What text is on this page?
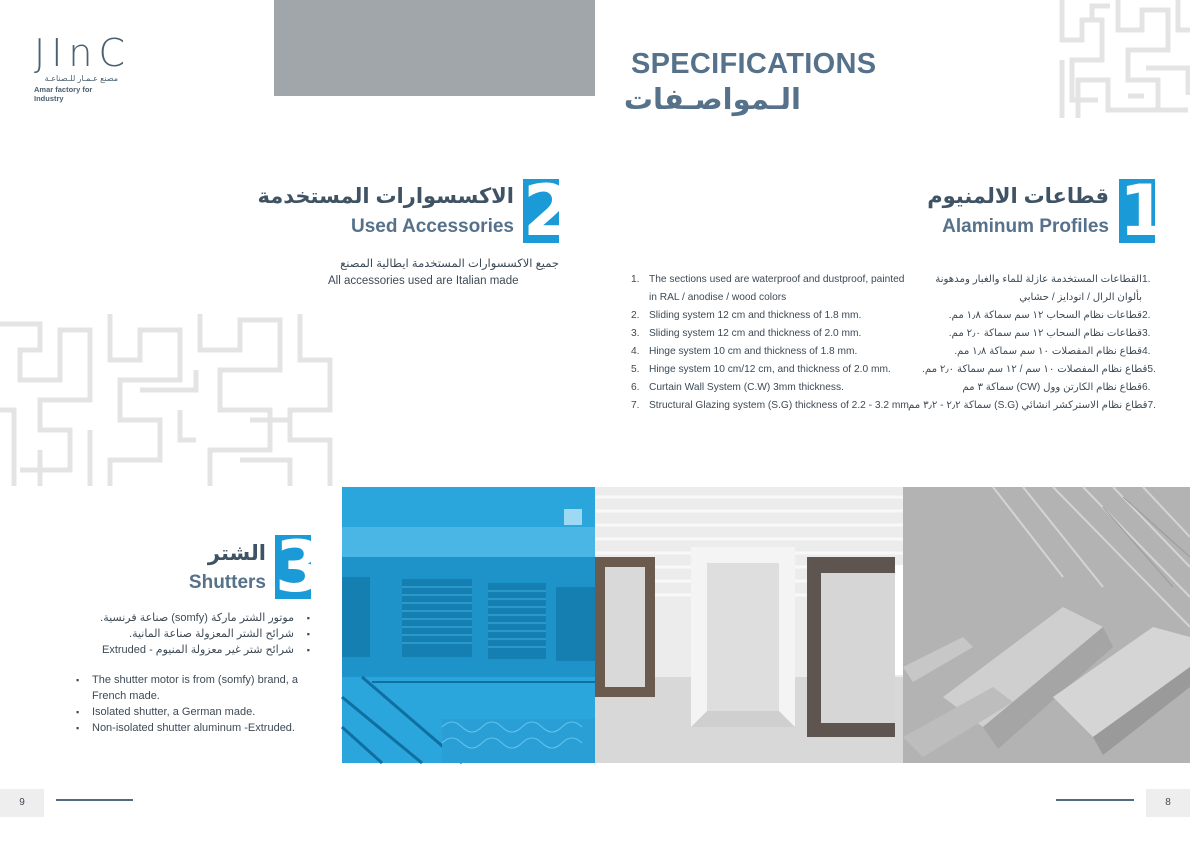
JInC
مصنع عـمـار للـصناعـة
Amar factory for Industry
SPECIFICATIONS
الـمواصـفات
2
الاكسسوارات المستخدمة
Used Accessories
جميع الاكسسوارات المستخدمة ايطالية المصنع
All accessories used are Italian made
1
قطاعات الالمنيوم
Alaminum Profiles
1. The sections used are waterproof and dustproof, painted
in RAL / anodise / wood colors
2. Sliding system 12 cm and thickness of 1.8 mm.
3. Sliding system 12 cm and thickness of 2.0 mm.
4. Hinge system 10 cm and thickness of 1.8 mm.
5. Hinge system 10 cm/12 cm, and thickness of 2.0 mm.
6. Curtain Wall System (C.W) 3mm thickness.
7. Structural Glazing system (S.G) thickness of 2.2 - 3.2 mm.
.1
القطاعات المستخدمة عازلة للماء والغبار ومدهونة
بألوان الرال / انودايز / حشابي
.2
قطاعات نظام السحاب ١٢ سم سماكة ١٫٨ مم.
.3
قطاعات نظام السحاب ١٢ سم سماكة ٢٫٠ مم.
.4
قطاع نظام المفصلات ١٠ سم سماكة ١٫٨ مم.
.5
قطاع نظام المفصلات ١٠ سم / ١٢ سم سماكة ٢٫٠ مم.
.6
قطاع نظام الكارتن وول (CW) سماكة ٣ مم
.7
قطاع نظام الاستركشر انشائي (S.G) سماكة ٢٫٢ - ٣٫٢ مم
3
الشتر
Shutters
▪
موتور الشتر ماركة (somfy) صناعة فرنسية.
▪
شرائح الشتر المعزولة صناعة المانية.
▪
شرائح شتر غير معزولة المنيوم - Extruded
▪	The shutter motor is from (somfy) brand, a
French made.
▪	Isolated shutter, a German made.
▪	Non-isolated shutter aluminum -Extruded.
9	8
